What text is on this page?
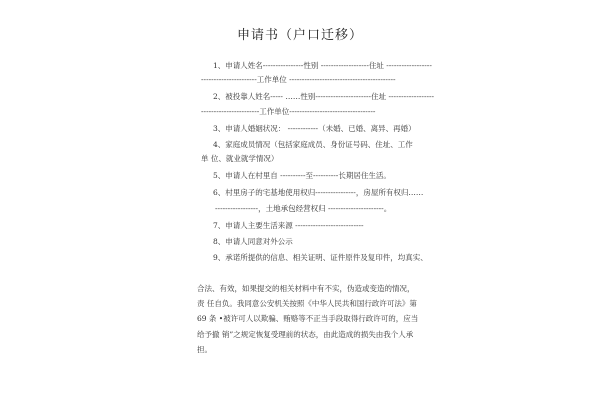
申请书（户口迁移）
1、申请人姓名----------------性别 -------------------住址 ------------------
----------------------工作单位 ------------------------------------------
2、被投靠人姓名----- ……性别----------------------住址 ------------------
-----------------------工作单位----------------------------------
3、申请人婚姻状况： ------------（未婚、已婚、离异、再婚）
4、家庭成员情况（包括家庭成员、身份证号码、住址、工作
单 位、就业就学情况）
5、申请人在村里自 ----------至----------长期居住生活。
6、村里房子的宅基地使用权归----------------，房屋所有权归……
-----------------，土地承包经营权归 ----------------------。
7、申请人主要生活来源 ---------------------------
8、申请人同意对外公示
9、承诺所提供的信息、相关证明、证件原件及复印件，均真实、
合法、有效，如果提交的相关材料中有不实，伪造或变造的情况，
责 任自负。我同意公安机关按照《中华人民共和国行政许可法》第
69 条 •被许可人以欺骗、贿赂等不正当手段取得行政许可的，应当
给予撤 销”之规定恢复受理前的状态，由此造成的损失由我个人承
担。
